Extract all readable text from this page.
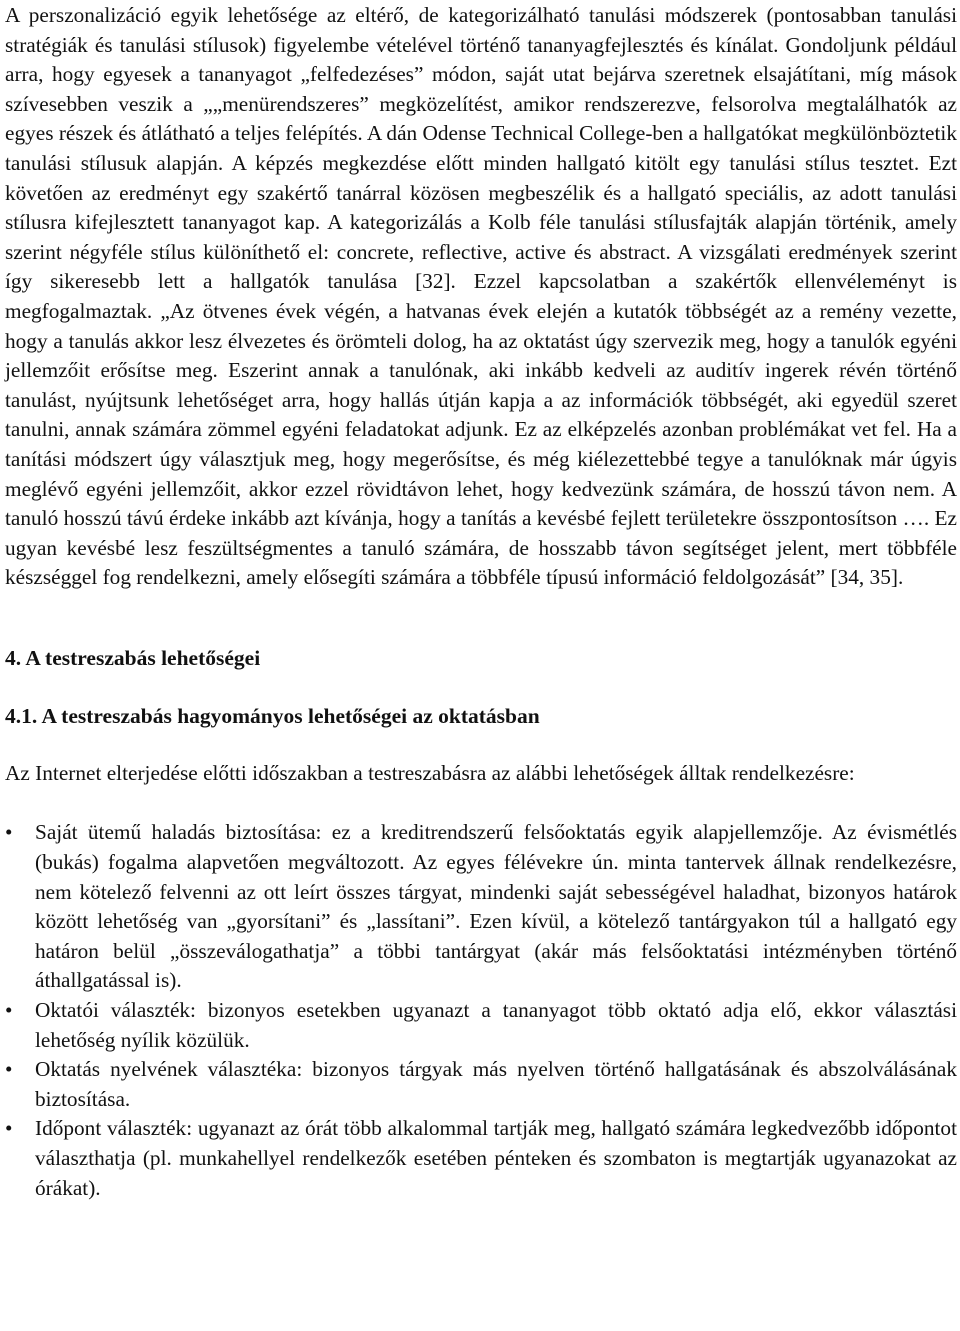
A perszonalizáció egyik lehetősége az eltérő, de kategorizálható tanulási módszerek (pontosabban tanulási stratégiák és tanulási stílusok) figyelembe vételével történő tananyagfejlesztés és kínálat. Gondoljunk például arra, hogy egyesek a tananyagot „felfedezéses” módon, saját utat bejárva szeretnek elsajátítani, míg mások szívesebben veszik a „„menürendszeres” megközelítést, amikor rendszerezve, felsorolva megtalálhatók az egyes részek és átlátható a teljes felépítés. A dán Odense Technical College-ben a hallgatókat megkülönböztetik tanulási stílusuk alapján. A képzés megkezdése előtt minden hallgató kitölt egy tanulási stílus tesztet. Ezt követően az eredményt egy szakértő tanárral közösen megbeszélik és a hallgató speciális, az adott tanulási stílusra kifejlesztett tananyagot kap. A kategorizálás a Kolb féle tanulási stílusfajták alapján történik, amely szerint négyféle stílus különíthető el: concrete, reflective, active és abstract. A vizsgálati eredmények szerint így sikeresebb lett a hallgatók tanulása [32]. Ezzel kapcsolatban a szakértők ellenvéleményt is megfogalmaztak. „Az ötvenes évek végén, a hatvanas évek elején a kutatók többségét az a remény vezette, hogy a tanulás akkor lesz élvezetes és örömteli dolog, ha az oktatást úgy szervezik meg, hogy a tanulók egyéni jellemzőit erősítse meg. Eszerint annak a tanulónak, aki inkább kedveli az auditív ingerek révén történő tanulást, nyújtsunk lehetőséget arra, hogy hallás útján kapja a az információk többségét, aki egyedül szeret tanulni, annak számára zömmel egyéni feladatokat adjunk. Ez az elképzelés azonban problémákat vet fel. Ha a tanítási módszert úgy választjuk meg, hogy megerősítse, és még kiélezettebbé tegye a tanulóknak már úgyis meglévő egyéni jellemzőit, akkor ezzel rövidtávon lehet, hogy kedvezünk számára, de hosszú távon nem. A tanuló hosszú távú érdeke inkább azt kívánja, hogy a tanítás a kevésbé fejlett területekre összpontosítson …. Ez ugyan kevésbé lesz feszültségmentes a tanuló számára, de hosszabb távon segítséget jelent, mert többféle készséggel fog rendelkezni, amely elősegíti számára a többféle típusú információ feldolgozását” [34, 35].

4. A testreszabás lehetőségei

4.1. A testreszabás hagyományos lehetőségei az oktatásban

Az Internet elterjedése előtti időszakban a testreszabásra az alábbi lehetőségek álltak rendelkezésre:

•	Saját ütemű haladás biztosítása: ez a kreditrendszerű felsőoktatás egyik alapjellemzője. Az évismétlés (bukás) fogalma alapvetően megváltozott. Az egyes félévekre ún. minta tantervek állnak rendelkezésre, nem kötelező felvenni az ott leírt összes tárgyat, mindenki saját sebességével haladhat, bizonyos határok között lehetőség van „gyorsítani” és „lassítani”. Ezen kívül, a kötelező tantárgyakon túl a hallgató egy határon belül „összeválogathatja” a többi tantárgyat (akár más felsőoktatási intézményben történő áthallgatással is).
•	Oktatói választék: bizonyos esetekben ugyanazt a tananyagot több oktató adja elő, ekkor választási lehetőség nyílik közülük.
•	Oktatás nyelvének választéka: bizonyos tárgyak más nyelven történő hallgatásának és abszolválásának biztosítása.
•	Időpont választék: ugyanazt az órát több alkalommal tartják meg, hallgató számára legkedvezőbb időpontot választhatja (pl. munkahellyel rendelkezők esetében pénteken és szombaton is megtartják ugyanazokat az órákat).
